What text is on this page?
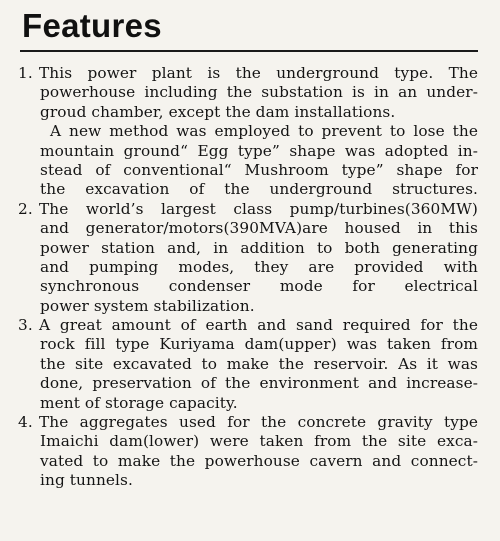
Features
1. This power plant is the underground type. The
powerhouse including the substation is in an under-
groud chamber, except the dam installations.
A new method was employed to prevent to lose the
mountain ground“ Egg type” shape was adopted in-
stead of conventional“ Mushroom type” shape for
the excavation of the underground structures.
2. The world’s largest class pump/turbines(360MW)
and generator/motors(390MVA)are housed in this
power station and, in addition to both generating
and pumping modes, they are provided with
synchronous condenser mode for electrical
power system stabilization.
3. A great amount of earth and sand required for the
rock fill type Kuriyama dam(upper) was taken from
the site excavated to make the reservoir. As it was
done, preservation of the environment and increase-
ment of storage capacity.
4. The aggregates used for the concrete gravity type
Imaichi dam(lower) were taken from the site exca-
vated to make the powerhouse cavern and connect-
ing tunnels.
